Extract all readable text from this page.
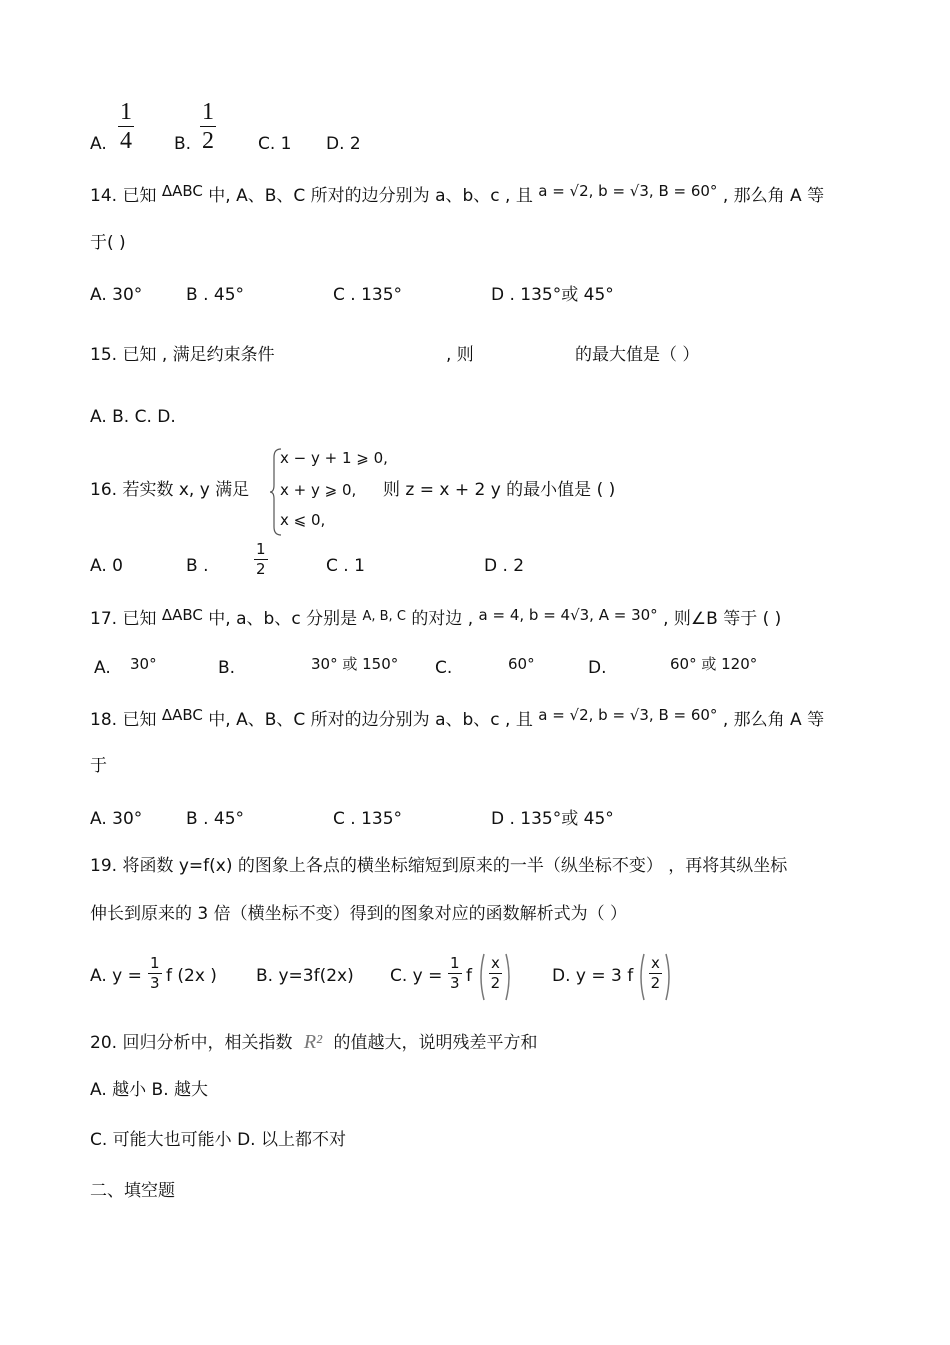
A. $\frac{1}{4} B$. $\frac{1}{2} C$. 1 D. 2
14. 已知 ΔABC 中, A、B、C 所对的边分别为 a、b、c , 且 a = √2, b = √3, B = 60° , 那么角 A 等
于( )
A. 30°	B . 45°	C . 135°	D . 135°或 45°
15. 已知 , 满足约束条件	, 则	的最大值是（ ）
A. B. C. D.
16. 若实数 x, y 满足	则 z = x + 2 y 的最小值是 ( )
x − y + 1 ⩾ 0,
x + y ⩾ 0,
x ⩽ 0,
A. 0	B .	$\frac{1}{2}$	C . 1	D . 2
17. 已知 ΔABC 中, a、b、c 分别是 $^{A, B, C}$ 的对边 , a = 4, b = 4√3, A = 30° , 则∠B 等于 ( )
A. 30°	B.	30° 或 150° C.	60°	D.	60° 或 120°
18. 已知 ΔABC 中, A、B、C 所对的边分别为 a、b、c , 且 a = √2, b = √3, B = 60° , 那么角 A 等
于
A. 30°	B . 45°	C . 135°	D . 135°或 45°
19. 将函数 y=f(x) 的图象上各点的横坐标缩短到原来的一半（纵坐标不变） ，再将其纵坐标
伸长到原来的 3 倍（横坐标不变）得到的图象对应的函数解析式为（ ）
A. $y = \frac{1}{3}$ f (2x ) B. y=3f(2x) C. $y = \frac{1}{3}$ f $\frac{x}{2}$	D. y = 3 f $\frac{x}{2}$
20. 回归分析中，相关指数 R² 的值越大，说明残差平方和
A. 越小 B. 越大
C. 可能大也可能小 D. 以上都不对
二、填空题
